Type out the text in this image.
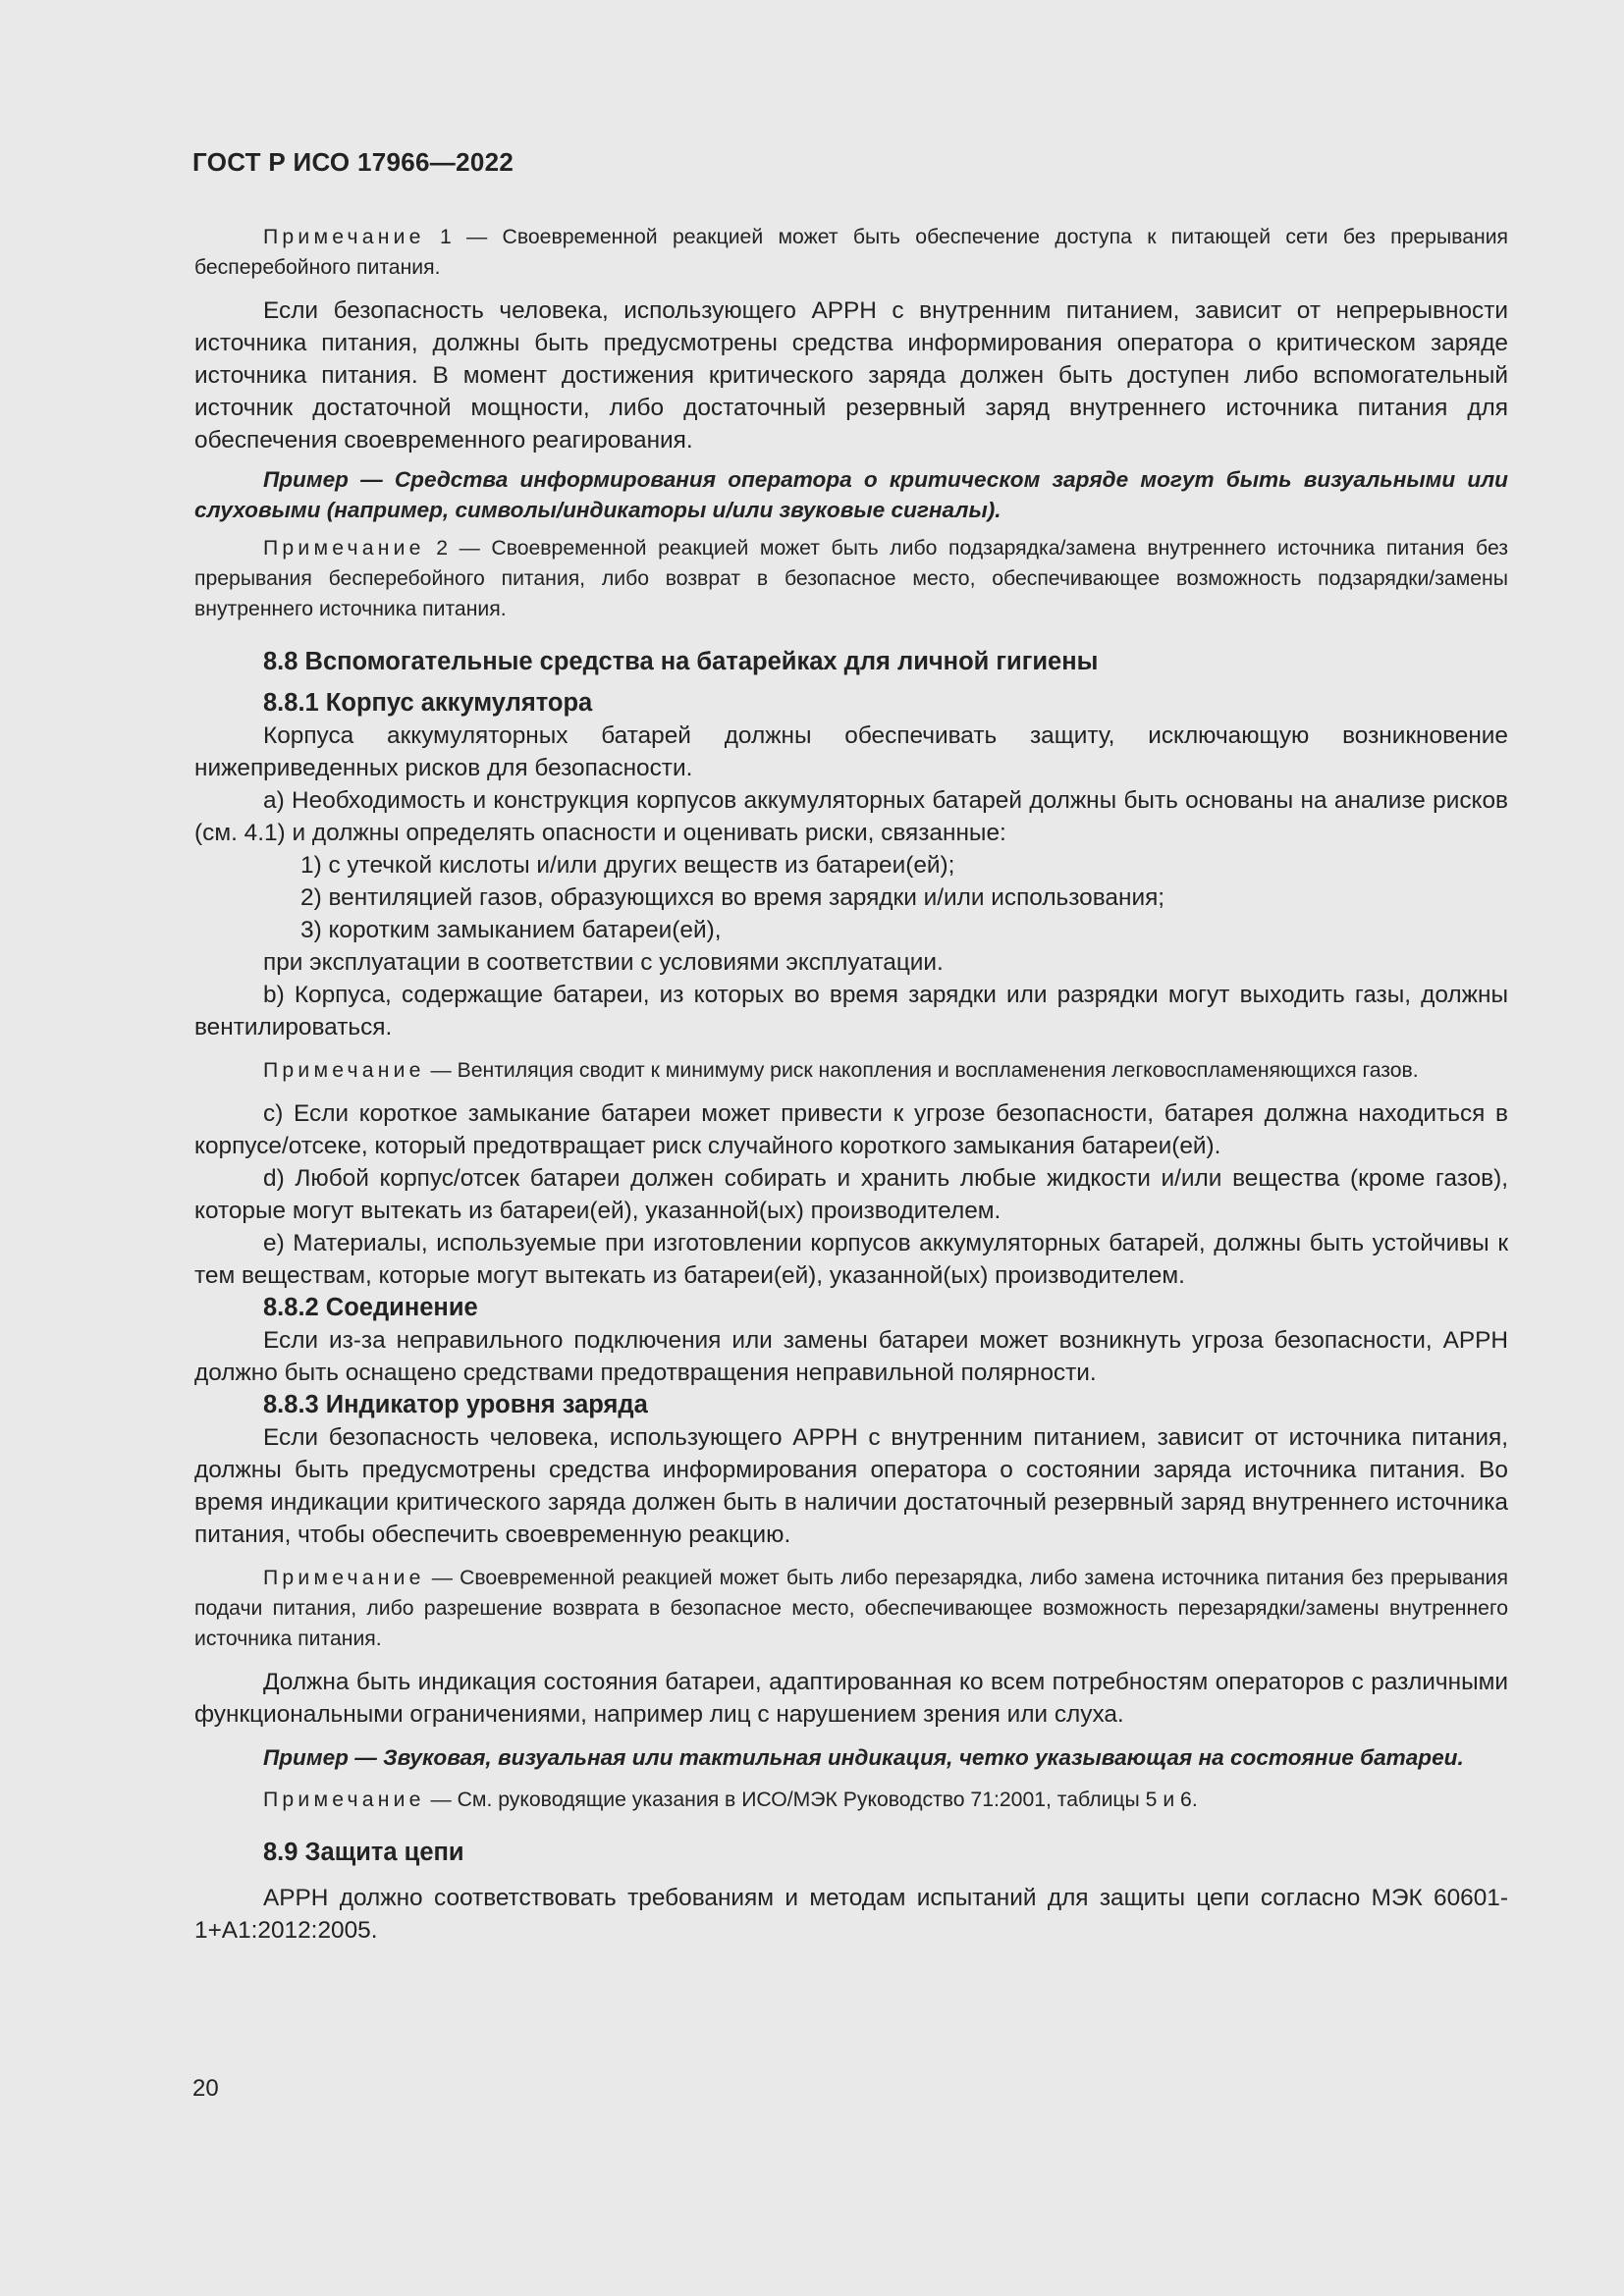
ГОСТ Р ИСО 17966—2022

Примечание 1 — Своевременной реакцией может быть обеспечение доступа к питающей сети без прерывания бесперебойного питания.

Если безопасность человека, использующего АРРН с внутренним питанием, зависит от непрерывности источника питания, должны быть предусмотрены средства информирования оператора о критическом заряде источника питания. В момент достижения критического заряда должен быть доступен либо вспомогательный источник достаточной мощности, либо достаточный резервный заряд внутреннего источника питания для обеспечения своевременного реагирования.

Пример — Средства информирования оператора о критическом заряде могут быть визуальными или слуховыми (например, символы/индикаторы и/или звуковые сигналы).

Примечание 2 — Своевременной реакцией может быть либо подзарядка/замена внутреннего источника питания без прерывания бесперебойного питания, либо возврат в безопасное место, обеспечивающее возможность подзарядки/замены внутреннего источника питания.

8.8 Вспомогательные средства на батарейках для личной гигиены
8.8.1 Корпус аккумулятора

Корпуса аккумуляторных батарей должны обеспечивать защиту, исключающую возникновение нижеприведенных рисков для безопасности.

a) Необходимость и конструкция корпусов аккумуляторных батарей должны быть основаны на анализе рисков (см. 4.1) и должны определять опасности и оценивать риски, связанные:

1) с утечкой кислоты и/или других веществ из батареи(ей);
2) вентиляцией газов, образующихся во время зарядки и/или использования;
3) коротким замыканием батареи(ей),

при эксплуатации в соответствии с условиями эксплуатации.

b) Корпуса, содержащие батареи, из которых во время зарядки или разрядки могут выходить газы, должны вентилироваться.

Примечание — Вентиляция сводит к минимуму риск накопления и воспламенения легковоспламеняющихся газов.

c) Если короткое замыкание батареи может привести к угрозе безопасности, батарея должна находиться в корпусе/отсеке, который предотвращает риск случайного короткого замыкания батареи(ей).

d) Любой корпус/отсек батареи должен собирать и хранить любые жидкости и/или вещества (кроме газов), которые могут вытекать из батареи(ей), указанной(ых) производителем.

e) Материалы, используемые при изготовлении корпусов аккумуляторных батарей, должны быть устойчивы к тем веществам, которые могут вытекать из батареи(ей), указанной(ых) производителем.

8.8.2 Соединение

Если из-за неправильного подключения или замены батареи может возникнуть угроза безопасности, АРРН должно быть оснащено средствами предотвращения неправильной полярности.

8.8.3 Индикатор уровня заряда

Если безопасность человека, использующего АРРН с внутренним питанием, зависит от источника питания, должны быть предусмотрены средства информирования оператора о состоянии заряда источника питания. Во время индикации критического заряда должен быть в наличии достаточный резервный заряд внутреннего источника питания, чтобы обеспечить своевременную реакцию.

Примечание — Своевременной реакцией может быть либо перезарядка, либо замена источника питания без прерывания подачи питания, либо разрешение возврата в безопасное место, обеспечивающее возможность перезарядки/замены внутреннего источника питания.

Должна быть индикация состояния батареи, адаптированная ко всем потребностям операторов с различными функциональными ограничениями, например лиц с нарушением зрения или слуха.

Пример — Звуковая, визуальная или тактильная индикация, четко указывающая на состояние батареи.

Примечание — См. руководящие указания в ИСО/МЭК Руководство 71:2001, таблицы 5 и 6.

8.9 Защита цепи

АРРН должно соответствовать требованиям и методам испытаний для защиты цепи согласно МЭК 60601-1+А1:2012:2005.

20
